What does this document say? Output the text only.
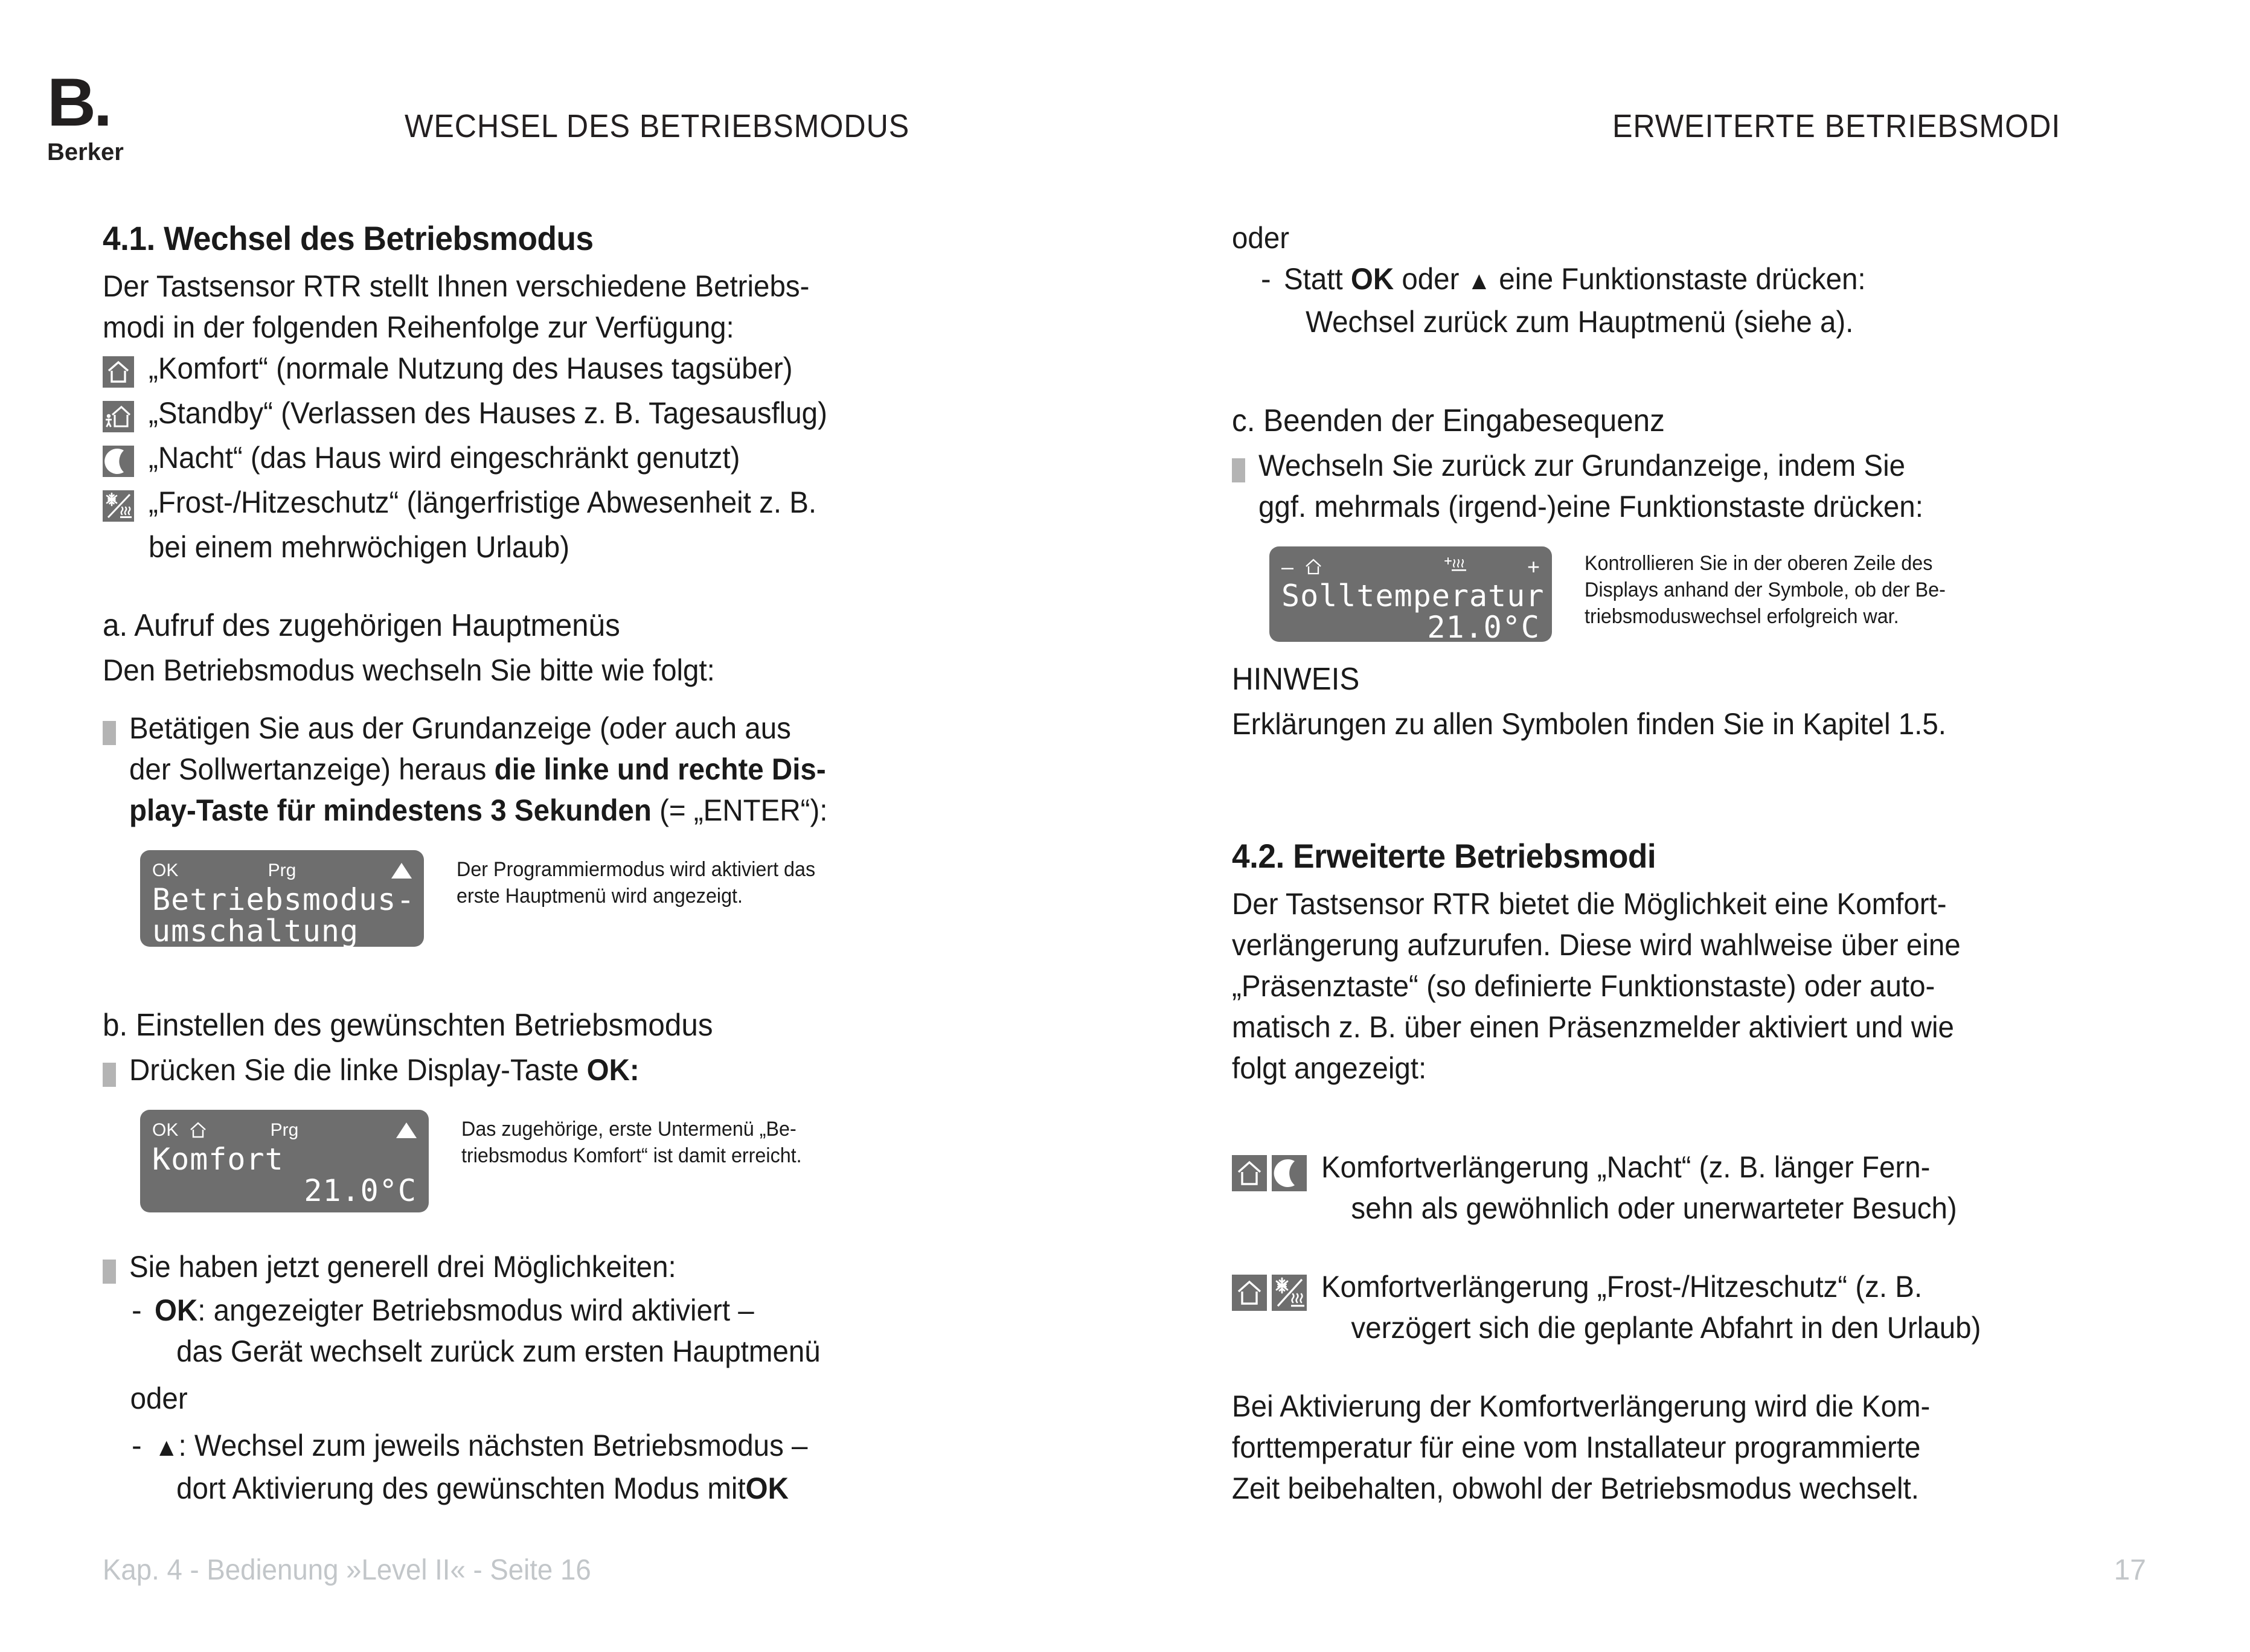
B.
Berker
WECHSEL DES BETRIEBSMODUS	ERWEITERTE BETRIEBSMODI
4.1. Wechsel des Betriebsmodus

Der Tastsensor RTR stellt Ihnen verschiedene Betriebs-

modi in der folgenden Reihenfolge zur Verfügung:

„Komfort“ (normale Nutzung des Hauses tagsüber)
„Standby“ (Verlassen des Hauses z. B. Tagesausflug)
„Nacht“ (das Haus wird eingeschränkt genutzt)
„Frost-/Hitzeschutz“ (längerfristige Abwesenheit z. B.
bei einem mehrwöchigen Urlaub)
a. Aufruf des zugehörigen Hauptmenüs

Den Betriebsmodus wechseln Sie bitte wie folgt:

Betätigen Sie aus der Grundanzeige (oder auch aus
der Sollwertanzeige) heraus die linke und rechte Dis-
play-Taste für mindestens 3 Sekunden (= „ENTER“):
OK	Prg
Betriebsmodus-
umschaltung
Der Programmiermodus wird aktiviert das
erste Hauptmenü wird angezeigt.
b. Einstellen des gewünschten Betriebsmodus
Drücken Sie die linke Display-Taste OK:
OK	Prg
Komfort
21.0°C
Das zugehörige, erste Untermenü „Be-
triebsmodus Komfort“ ist damit erreicht.
Sie haben jetzt generell drei Möglichkeiten:
- OK: angezeigter Betriebsmodus wird aktiviert –
das Gerät wechselt zurück zum ersten Hauptmenü

oder

- ▲: Wechsel zum jeweils nächsten Betriebsmodus –
dort Aktivierung des gewünschten Modus mitOK

oder

- Statt OK oder ▲ eine Funktionstaste drücken:
Wechsel zurück zum Hauptmenü (siehe a).
c. Beenden der Eingabesequenz
Wechseln Sie zurück zur Grundanzeige, indem Sie
ggf. mehrmals (irgend-)eine Funktionstaste drücken:
–	+
Solltemperatur
21.0°C
Kontrollieren Sie in der oberen Zeile des
Displays anhand der Symbole, ob der Be-
triebsmoduswechsel erfolgreich war.
HINWEIS

Erklärungen zu allen Symbolen finden Sie in Kapitel 1.5.

4.2. Erweiterte Betriebsmodi

Der Tastsensor RTR bietet die Möglichkeit eine Komfort-

verlängerung aufzurufen. Diese wird wahlweise über eine

„Präsenztaste“ (so definierte Funktionstaste) oder auto-

matisch z. B. über einen Präsenzmelder aktiviert und wie

folgt angezeigt:

Komfortverlängerung „Nacht“ (z. B. länger Fern-
sehn als gewöhnlich oder unerwarteter Besuch)
Komfortverlängerung „Frost-/Hitzeschutz“ (z. B.
verzögert sich die geplante Abfahrt in den Urlaub)

Bei Aktivierung der Komfortverlängerung wird die Kom-

forttemperatur für eine vom Installateur programmierte

Zeit beibehalten, obwohl der Betriebsmodus wechselt.

Kap. 4 - Bedienung »Level II« - Seite 16	17
